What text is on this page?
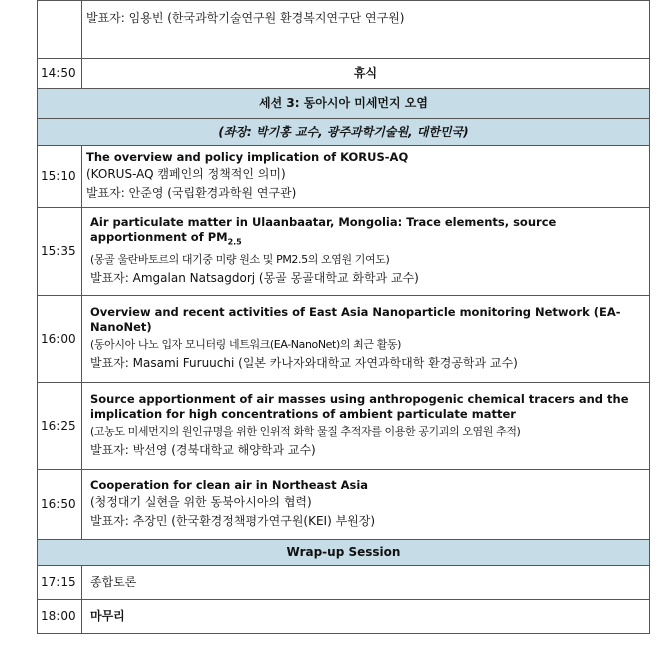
	발표자: 임용빈 (한국과학기술연구원 환경복지연구단 연구원)

14:50	휴식
세션 3: 동아시아 미세먼지 오염	
(좌장: 박기홍 교수, 광주과학기술원, 대한민국)	
15:10	The overview and policy implication of KORUS-AQ
(KORUS-AQ 캠페인의 정책적인 의미)
발표자: 안준영 (국립환경과학원 연구관)

15:35	Air particulate matter in Ulaanbaatar, Mongolia: Trace elements, source apportionment of $PM_{2.5}$
(몽골 울란바토르의 대기중 미량 원소 및 PM2.5의 오염원 기여도)
발표자: Amgalan Natsagdorj (몽골 몽골대학교 화학과 교수)

16:00	Overview and recent activities of East Asia Nanoparticle monitoring Network (EA-NanoNet)
(동아시아 나노 입자 모니터링 네트워크(EA-NanoNet)의 최근 활동)
발표자: Masami Furuuchi (일본 카나자와대학교 자연과학대학 환경공학과 교수)

16:25	Source apportionment of air masses using anthropogenic chemical tracers and the implication for high concentrations of ambient particulate matter
(고농도 미세먼지의 원인규명을 위한 인위적 화학 물질 추적자를 이용한 공기괴의 오염원 추적)
발표자: 박선영 (경북대학교 해양학과 교수)

16:50	Cooperation for clean air in Northeast Asia
(청정대기 실현을 위한 동북아시아의 협력)
발표자: 추장민 (한국환경정책평가연구원(KEI) 부원장)

Wrap-up Session	
17:15	종합토론
18:00	마무리
